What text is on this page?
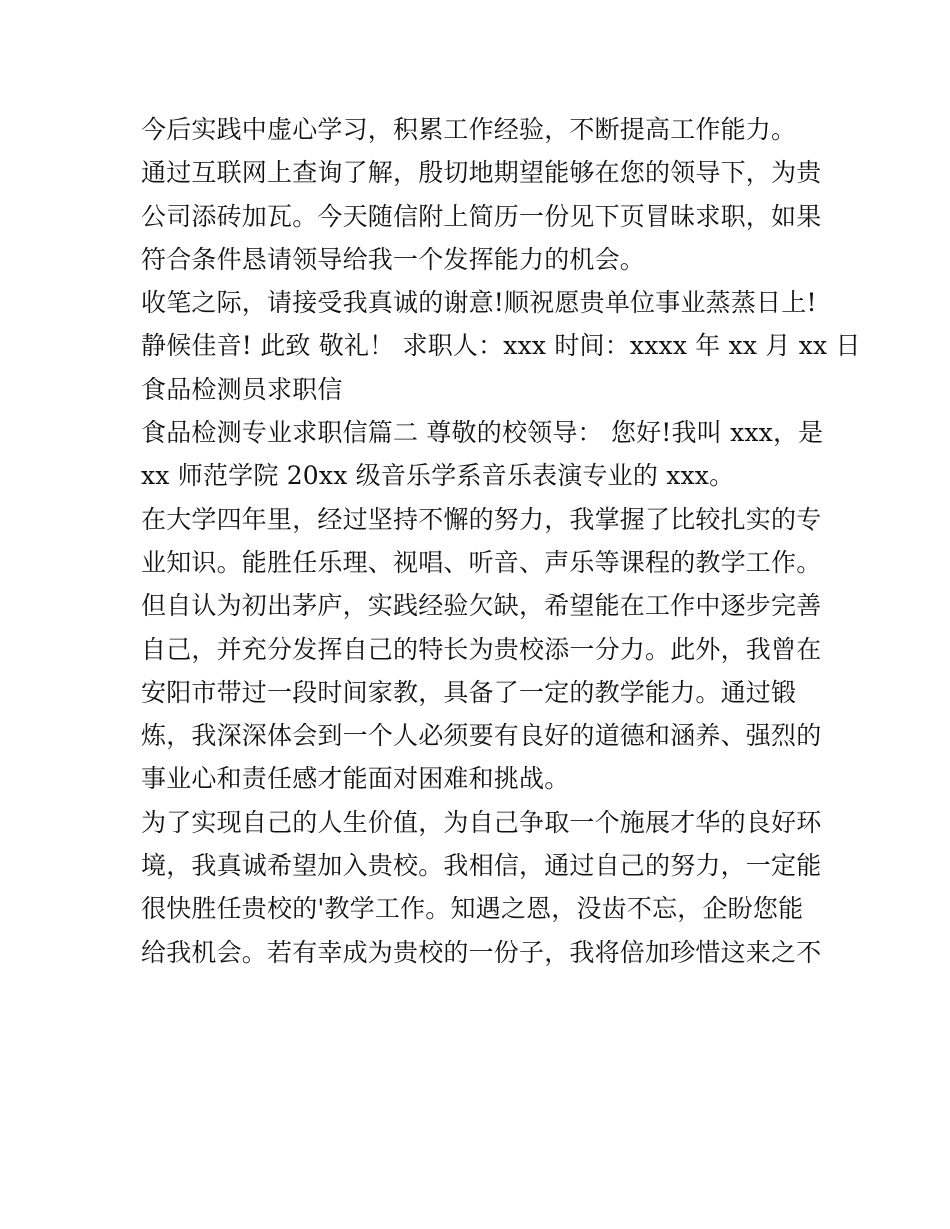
今后实践中虚心学习，积累工作经验，不断提高工作能力。
通过互联网上查询了解，殷切地期望能够在您的领导下，为贵
公司添砖加瓦。今天随信附上简历一份见下页冒昧求职，如果
符合条件恳请领导给我一个发挥能力的机会。
收笔之际，请接受我真诚的谢意!顺祝愿贵单位事业蒸蒸日上!
静候佳音! 此致 敬礼！ 求职人：xxx 时间：xxxx 年 xx 月 xx 日
食品检测员求职信
食品检测专业求职信篇二 尊敬的校领导： 您好!我叫 xxx，是
xx 师范学院 20xx 级音乐学系音乐表演专业的 xxx。
在大学四年里，经过坚持不懈的努力，我掌握了比较扎实的专
业知识。能胜任乐理、视唱、听音、声乐等课程的教学工作。
但自认为初出茅庐，实践经验欠缺，希望能在工作中逐步完善
自己，并充分发挥自己的特长为贵校添一分力。此外，我曾在
安阳市带过一段时间家教，具备了一定的教学能力。通过锻
炼，我深深体会到一个人必须要有良好的道德和涵养、强烈的
事业心和责任感才能面对困难和挑战。
为了实现自己的人生价值，为自己争取一个施展才华的良好环
境，我真诚希望加入贵校。我相信，通过自己的努力，一定能
很快胜任贵校的'教学工作。知遇之恩，没齿不忘，企盼您能
给我机会。若有幸成为贵校的一份子，我将倍加珍惜这来之不
